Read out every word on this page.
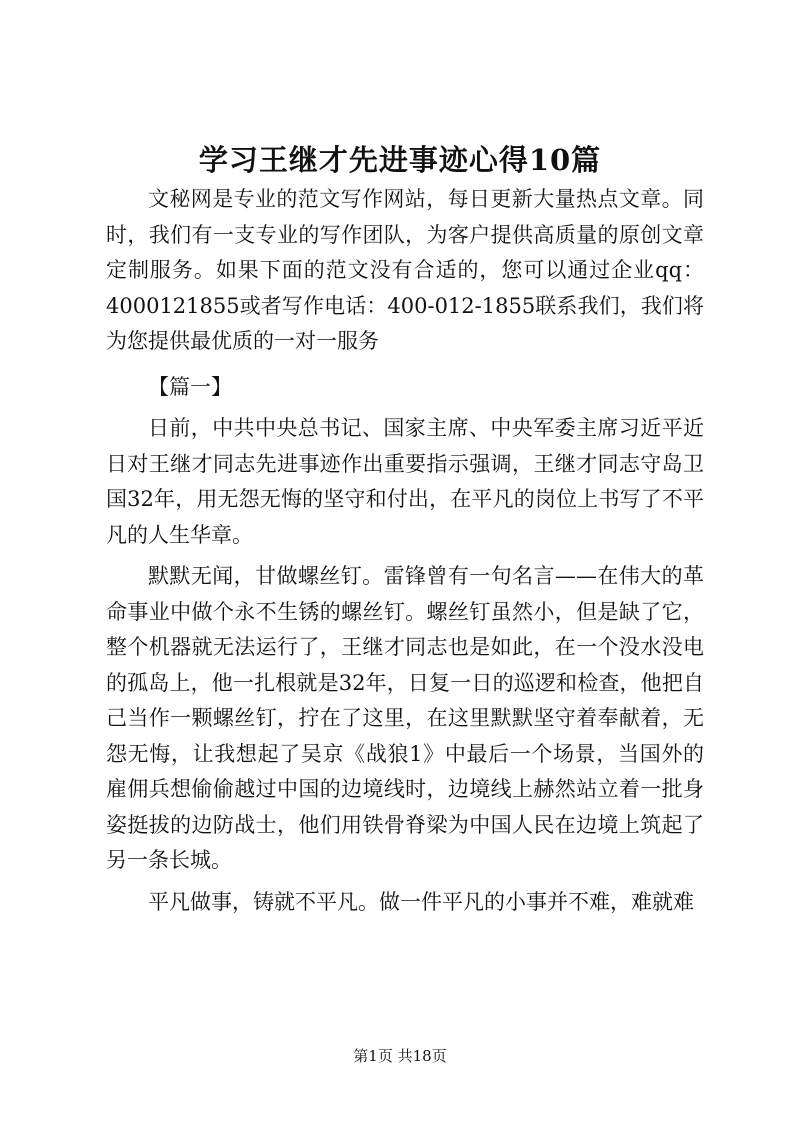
学习王继才先进事迹心得10篇

文秘网是专业的范文写作网站，每日更新大量热点文章。同时，我们有一支专业的写作团队，为客户提供高质量的原创文章定制服务。如果下面的范文没有合适的，您可以通过企业qq：4000121855或者写作电话：400-012-1855联系我们，我们将为您提供最优质的一对一服务

【篇一】

日前，中共中央总书记、国家主席、中央军委主席习近平近日对王继才同志先进事迹作出重要指示强调，王继才同志守岛卫国32年，用无怨无悔的坚守和付出，在平凡的岗位上书写了不平凡的人生华章。

默默无闻，甘做螺丝钉。雷锋曾有一句名言——在伟大的革命事业中做个永不生锈的螺丝钉。螺丝钉虽然小，但是缺了它，整个机器就无法运行了，王继才同志也是如此，在一个没水没电的孤岛上，他一扎根就是32年，日复一日的巡逻和检查，他把自己当作一颗螺丝钉，拧在了这里，在这里默默坚守着奉献着，无怨无悔，让我想起了吴京《战狼1》中最后一个场景，当国外的雇佣兵想偷偷越过中国的边境线时，边境线上赫然站立着一批身姿挺拔的边防战士，他们用铁骨脊梁为中国人民在边境上筑起了另一条长城。

平凡做事，铸就不平凡。做一件平凡的小事并不难，难就难

第1页 共18页
